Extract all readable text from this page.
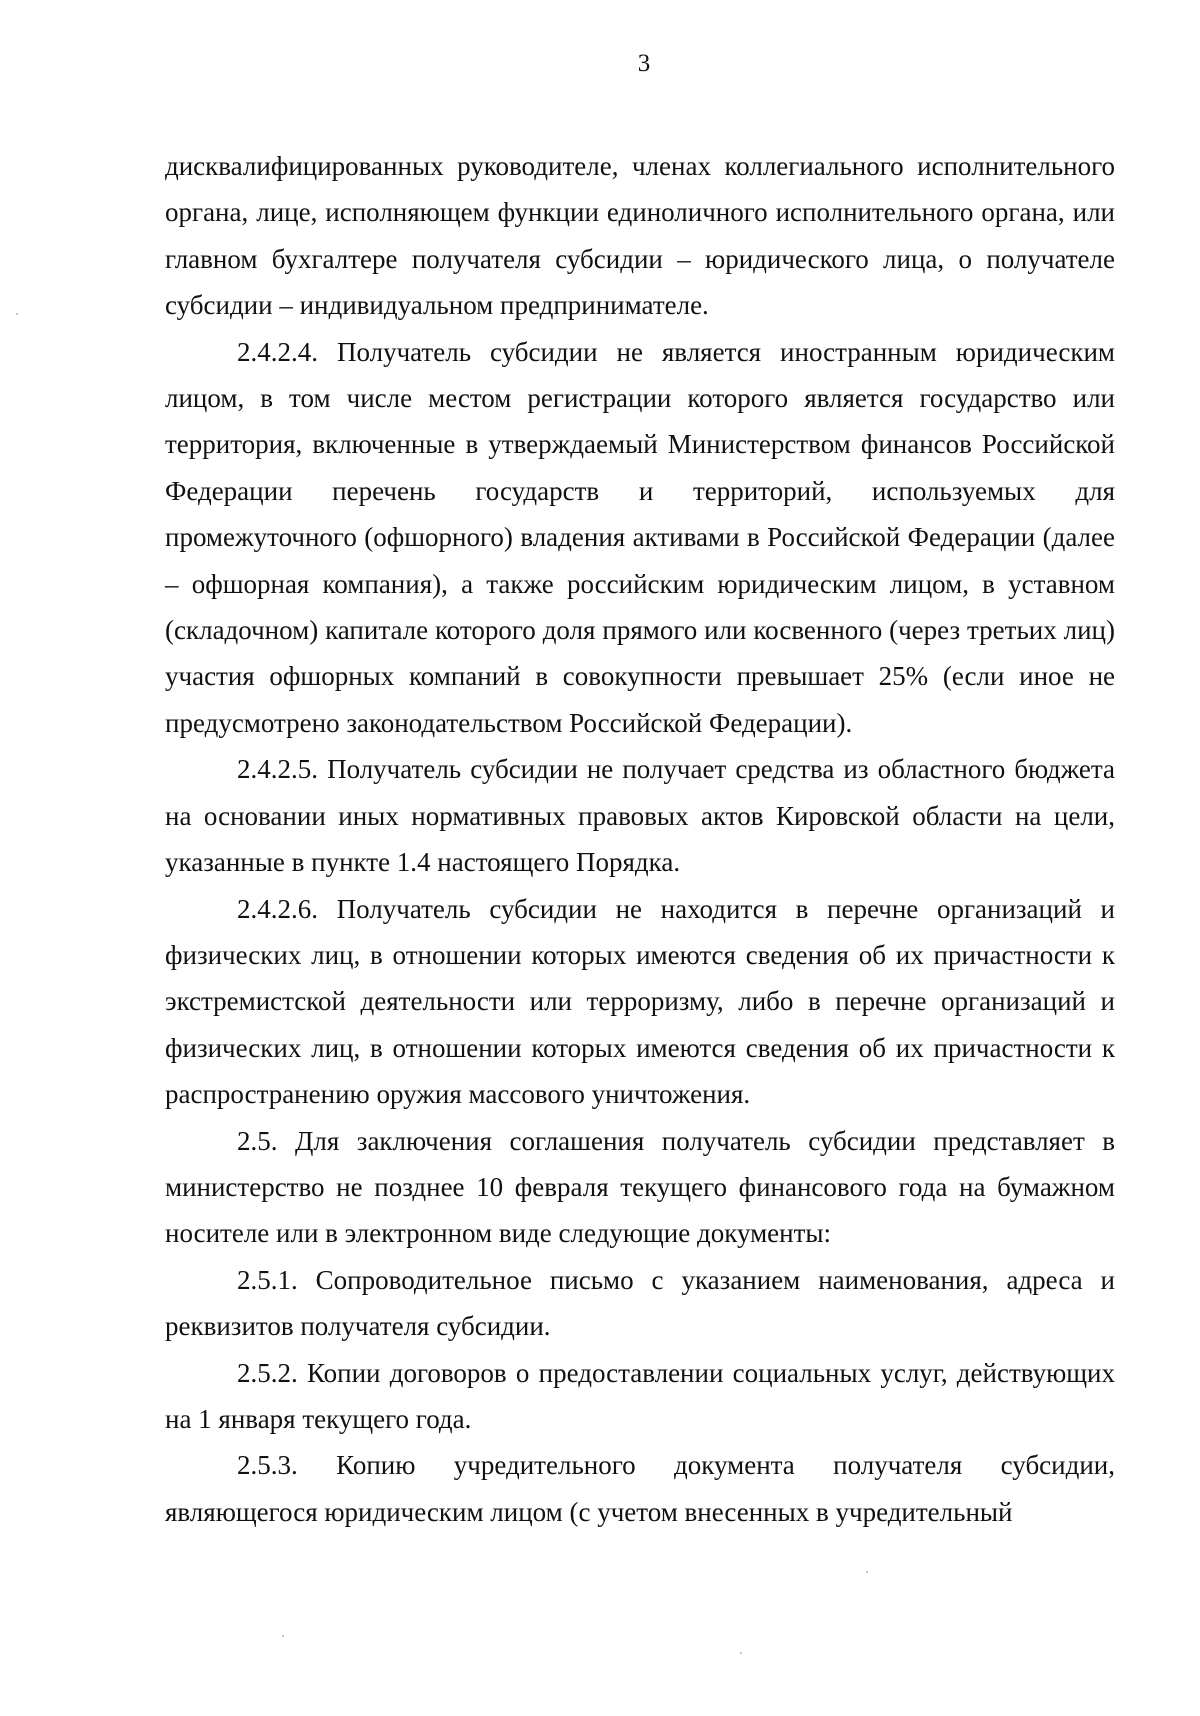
3

дисквалифицированных руководителе, членах коллегиального исполнительного органа, лице, исполняющем функции единоличного исполнительного органа, или главном бухгалтере получателя субсидии – юридического лица, о получателе субсидии – индивидуальном предпринимателе.

2.4.2.4. Получатель субсидии не является иностранным юридическим лицом, в том числе местом регистрации которого является государство или территория, включенные в утверждаемый Министерством финансов Российской Федерации перечень государств и территорий, используемых для промежуточного (офшорного) владения активами в Российской Федерации (далее – офшорная компания), а также российским юридическим лицом, в уставном (складочном) капитале которого доля прямого или косвенного (через третьих лиц) участия офшорных компаний в совокупности превышает 25% (если иное не предусмотрено законодательством Российской Федерации).

2.4.2.5. Получатель субсидии не получает средства из областного бюджета на основании иных нормативных правовых актов Кировской области на цели, указанные в пункте 1.4 настоящего Порядка.

2.4.2.6. Получатель субсидии не находится в перечне организаций и физических лиц, в отношении которых имеются сведения об их причастности к экстремистской деятельности или терроризму, либо в перечне организаций и физических лиц, в отношении которых имеются сведения об их причастности к распространению оружия массового уничтожения.

2.5. Для заключения соглашения получатель субсидии представляет в министерство не позднее 10 февраля текущего финансового года на бумажном носителе или в электронном виде следующие документы:

2.5.1. Сопроводительное письмо с указанием наименования, адреса и реквизитов получателя субсидии.

2.5.2. Копии договоров о предоставлении социальных услуг, действующих на 1 января текущего года.

2.5.3. Копию учредительного документа получателя субсидии, являющегося юридическим лицом (с учетом внесенных в учредительный
